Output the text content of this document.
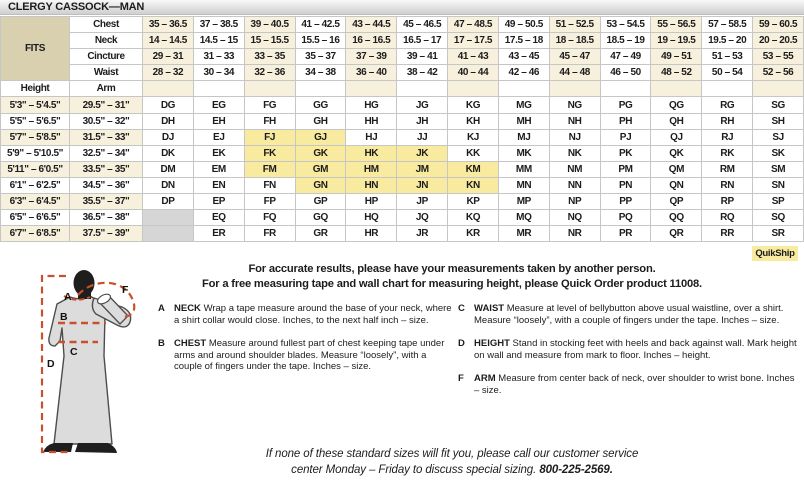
CLERGY CASSOCK—MAN
FITS	Chest	35 – 36.5	37 – 38.5	39 – 40.5	41 – 42.5	43 – 44.5	45 – 46.5	47 – 48.5	49 – 50.5	51 – 52.5	53 – 54.5	55 – 56.5	57 – 58.5	59 – 60.5
	Neck	14 – 14.5	14.5 – 15	15 – 15.5	15.5 – 16	16 – 16.5	16.5 – 17	17 – 17.5	17.5 – 18	18 – 18.5	18.5 – 19	19 – 19.5	19.5 – 20	20 – 20.5
	Cincture	29 – 31	31 – 33	33 – 35	35 – 37	37 – 39	39 – 41	41 – 43	43 – 45	45 – 47	47 – 49	49 – 51	51 – 53	53 – 55
	Waist	28 – 32	30 – 34	32 – 36	34 – 38	36 – 40	38 – 42	40 – 44	42 – 46	44 – 48	46 – 50	48 – 52	50 – 54	52 – 56
Height	Arm													
5'3" – 5'4.5"	29.5" – 31"	DG	EG	FG	GG	HG	JG	KG	MG	NG	PG	QG	RG	SG
5'5" – 5'6.5"	30.5" – 32"	DH	EH	FH	GH	HH	JH	KH	MH	NH	PH	QH	RH	SH
5'7" – 5'8.5"	31.5" – 33"	DJ	EJ	FJ	GJ	HJ	JJ	KJ	MJ	NJ	PJ	QJ	RJ	SJ
5'9" – 5'10.5"	32.5" – 34"	DK	EK	FK	GK	HK	JK	KK	MK	NK	PK	QK	RK	SK
5'11" – 6'0.5"	33.5" – 35"	DM	EM	FM	GM	HM	JM	KM	MM	NM	PM	QM	RM	SM
6'1" – 6'2.5"	34.5" – 36"	DN	EN	FN	GN	HN	JN	KN	MN	NN	PN	QN	RN	SN
6'3" – 6'4.5"	35.5" – 37"	DP	EP	FP	GP	HP	JP	KP	MP	NP	PP	QP	RP	SP
6'5" – 6'6.5"	36.5" – 38"		EQ	FQ	GQ	HQ	JQ	KQ	MQ	NQ	PQ	QQ	RQ	SQ
6'7" – 6'8.5"	37.5" – 39"		ER	FR	GR	HR	JR	KR	MR	NR	PR	QR	RR	SR
QuikShip
For accurate results, please have your measurements taken by another person.
For a free measuring tape and wall chart for measuring height, please Quick Order product 11008.
A
B
C
D
F
A NECK Wrap a tape measure around the base of your neck, where a shirt collar would close. Inches, to the next half inch – size.

B CHEST Measure around fullest part of chest keeping tape under arms and around shoulder blades. Measure “loosely”, with a couple of fingers under the tape. Inches – size.

C WAIST Measure at level of bellybutton above usual waistline, over a shirt. Measure “loosely”, with a couple of fingers under the tape. Inches – size.

D HEIGHT Stand in stocking feet with heels and back against wall. Mark height on wall and measure from mark to floor. Inches – height.

F	ARM Measure from center back of neck, over shoulder to wrist bone. Inches – size.

If none of these standard sizes will fit you, please call our customer service
center Monday – Friday to discuss special sizing. 800-225-2569.
